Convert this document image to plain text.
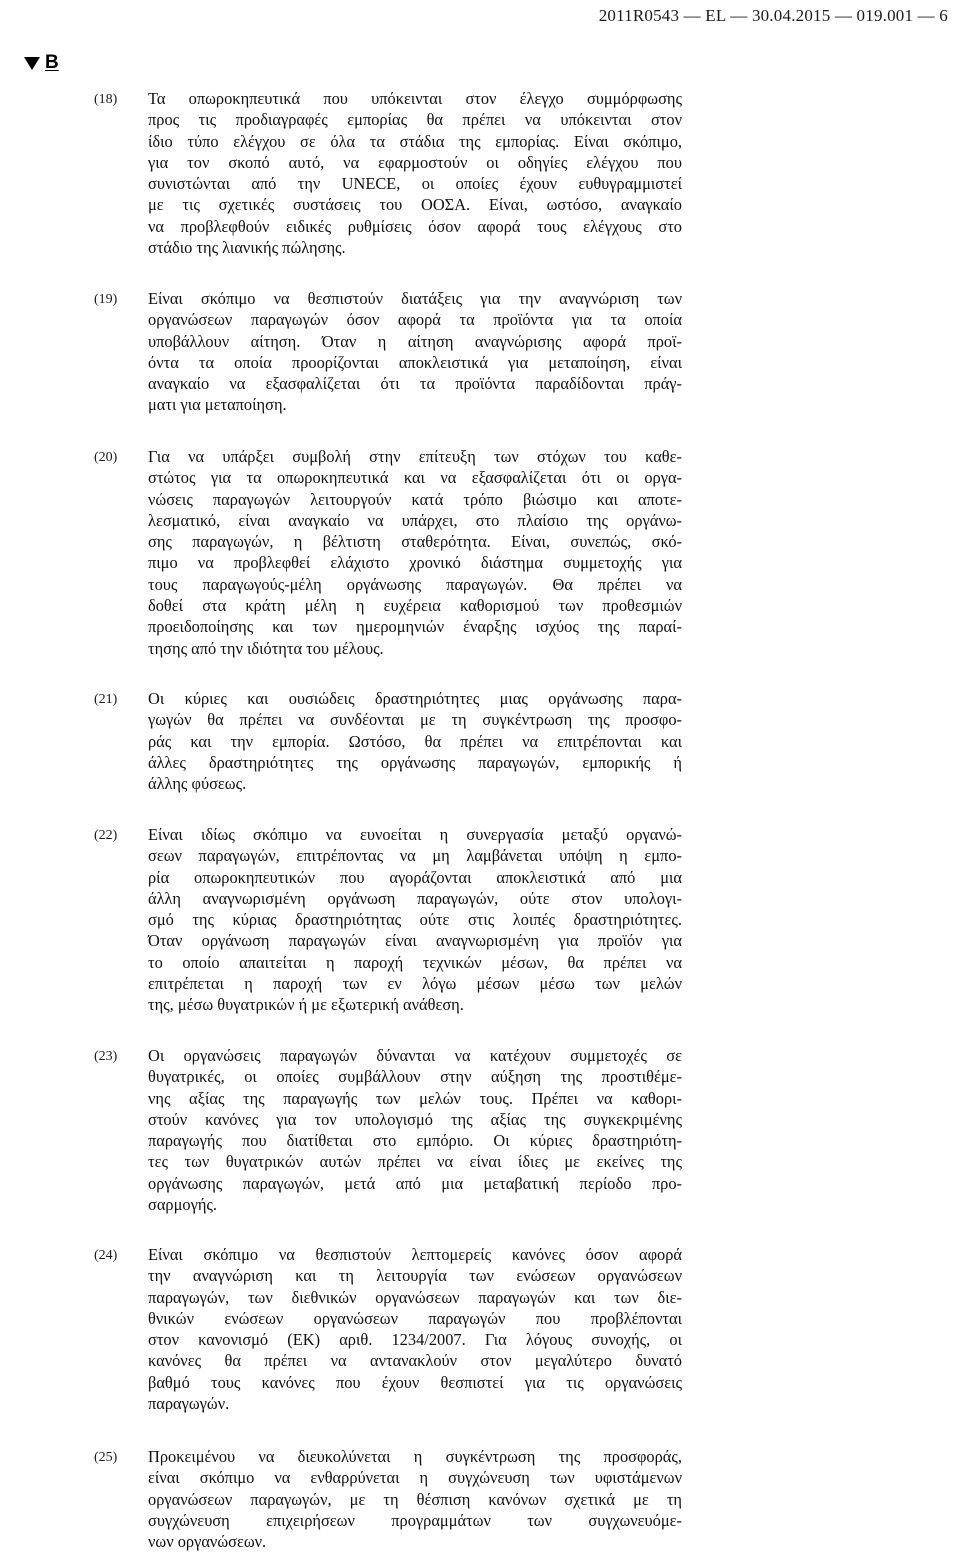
2011R0543 — EL — 30.04.2015 — 019.001 — 6
B
(18)	Τα οπωροκηπευτικά που υπόκεινται στον έλεγχο συμμόρφωσης
προς τις προδιαγραφές εμπορίας θα πρέπει να υπόκεινται στον
ίδιο τύπο ελέγχου σε όλα τα στάδια της εμπορίας. Είναι σκόπιμο,
για τον σκοπό αυτό, να εφαρμοστούν οι οδηγίες ελέγχου που
συνιστώνται από την UNECE, οι οποίες έχουν ευθυγραμμιστεί
με τις σχετικές συστάσεις του ΟΟΣΑ. Είναι, ωστόσο, αναγκαίο
να προβλεφθούν ειδικές ρυθμίσεις όσον αφορά τους ελέγχους στο
στάδιο της λιανικής πώλησης.
(19)	Είναι σκόπιμο να θεσπιστούν διατάξεις για την αναγνώριση των
οργανώσεων παραγωγών όσον αφορά τα προϊόντα για τα οποία
υποβάλλουν αίτηση. Όταν η αίτηση αναγνώρισης αφορά προϊ-
όντα τα οποία προορίζονται αποκλειστικά για μεταποίηση, είναι
αναγκαίο να εξασφαλίζεται ότι τα προϊόντα παραδίδονται πράγ-
ματι για μεταποίηση.
(20)	Για να υπάρξει συμβολή στην επίτευξη των στόχων του καθε-
στώτος για τα οπωροκηπευτικά και να εξασφαλίζεται ότι οι οργα-
νώσεις παραγωγών λειτουργούν κατά τρόπο βιώσιμο και αποτε-
λεσματικό, είναι αναγκαίο να υπάρχει, στο πλαίσιο της οργάνω-
σης παραγωγών, η βέλτιστη σταθερότητα. Είναι, συνεπώς, σκό-
πιμο να προβλεφθεί ελάχιστο χρονικό διάστημα συμμετοχής για
τους παραγωγούς-μέλη οργάνωσης παραγωγών. Θα πρέπει να
δοθεί στα κράτη μέλη η ευχέρεια καθορισμού των προθεσμιών
προειδοποίησης και των ημερομηνιών έναρξης ισχύος της παραί-
τησης από την ιδιότητα του μέλους.
(21)	Οι κύριες και ουσιώδεις δραστηριότητες μιας οργάνωσης παρα-
γωγών θα πρέπει να συνδέονται με τη συγκέντρωση της προσφο-
ράς και την εμπορία. Ωστόσο, θα πρέπει να επιτρέπονται και
άλλες δραστηριότητες της οργάνωσης παραγωγών, εμπορικής ή
άλλης φύσεως.
(22)	Είναι ιδίως σκόπιμο να ευνοείται η συνεργασία μεταξύ οργανώ-
σεων παραγωγών, επιτρέποντας να μη λαμβάνεται υπόψη η εμπο-
ρία οπωροκηπευτικών που αγοράζονται αποκλειστικά από μια
άλλη αναγνωρισμένη οργάνωση παραγωγών, ούτε στον υπολογι-
σμό της κύριας δραστηριότητας ούτε στις λοιπές δραστηριότητες.
Όταν οργάνωση παραγωγών είναι αναγνωρισμένη για προϊόν για
το οποίο απαιτείται η παροχή τεχνικών μέσων, θα πρέπει να
επιτρέπεται η παροχή των εν λόγω μέσων μέσω των μελών
της, μέσω θυγατρικών ή με εξωτερική ανάθεση.
(23)	Οι οργανώσεις παραγωγών δύνανται να κατέχουν συμμετοχές σε
θυγατρικές, οι οποίες συμβάλλουν στην αύξηση της προστιθέμε-
νης αξίας της παραγωγής των μελών τους. Πρέπει να καθορι-
στούν κανόνες για τον υπολογισμό της αξίας της συγκεκριμένης
παραγωγής που διατίθεται στο εμπόριο. Οι κύριες δραστηριότη-
τες των θυγατρικών αυτών πρέπει να είναι ίδιες με εκείνες της
οργάνωσης παραγωγών, μετά από μια μεταβατική περίοδο προ-
σαρμογής.
(24)	Είναι σκόπιμο να θεσπιστούν λεπτομερείς κανόνες όσον αφορά
την αναγνώριση και τη λειτουργία των ενώσεων οργανώσεων
παραγωγών, των διεθνικών οργανώσεων παραγωγών και των διε-
θνικών ενώσεων οργανώσεων παραγωγών που προβλέπονται
στον κανονισμό (ΕΚ) αριθ. 1234/2007. Για λόγους συνοχής, οι
κανόνες θα πρέπει να αντανακλούν στον μεγαλύτερο δυνατό
βαθμό τους κανόνες που έχουν θεσπιστεί για τις οργανώσεις
παραγωγών.
(25)	Προκειμένου να διευκολύνεται η συγκέντρωση της προσφοράς,
είναι σκόπιμο να ενθαρρύνεται η συγχώνευση των υφιστάμενων
οργανώσεων παραγωγών, με τη θέσπιση κανόνων σχετικά με τη
συγχώνευση επιχειρήσεων προγραμμάτων των συγχωνευόμε-
νων οργανώσεων.
